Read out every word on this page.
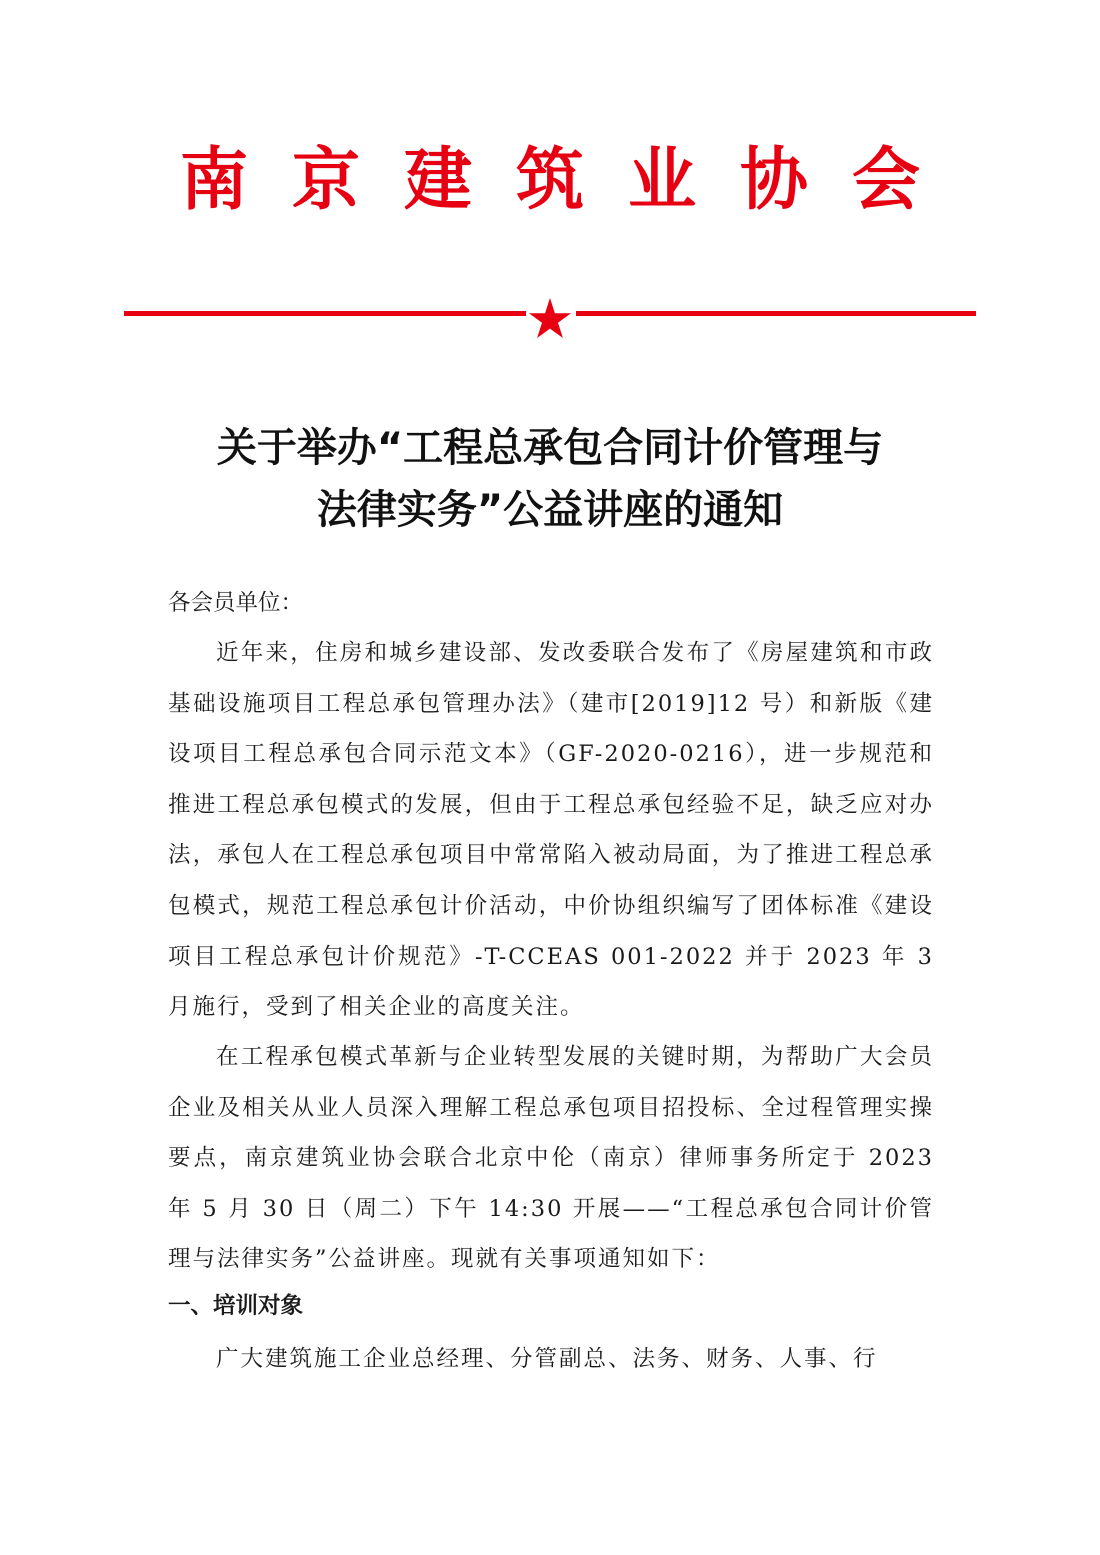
南京建筑业协会
关于举办“工程总承包合同计价管理与
法律实务”公益讲座的通知
各会员单位：

近年来，住房和城乡建设部、发改委联合发布了《房屋建筑和市政基础设施项目工程总承包管理办法》（建市[2019]12 号）和新版《建设项目工程总承包合同示范文本》（GF-2020-0216），进一步规范和推进工程总承包模式的发展，但由于工程总承包经验不足，缺乏应对办法，承包人在工程总承包项目中常常陷入被动局面，为了推进工程总承包模式，规范工程总承包计价活动，中价协组织编写了团体标准《建设项目工程总承包计价规范》-T-CCEAS 001-2022 并于 2023 年 3 月施行，受到了相关企业的高度关注。

在工程承包模式革新与企业转型发展的关键时期，为帮助广大会员企业及相关从业人员深入理解工程总承包项目招投标、全过程管理实操要点，南京建筑业协会联合北京中伦（南京）律师事务所定于 2023 年 5 月 30 日（周二）下午 14:30 开展——“工程总承包合同计价管理与法律实务”公益讲座。现就有关事项通知如下：

一、培训对象

广大建筑施工企业总经理、分管副总、法务、财务、人事、行
